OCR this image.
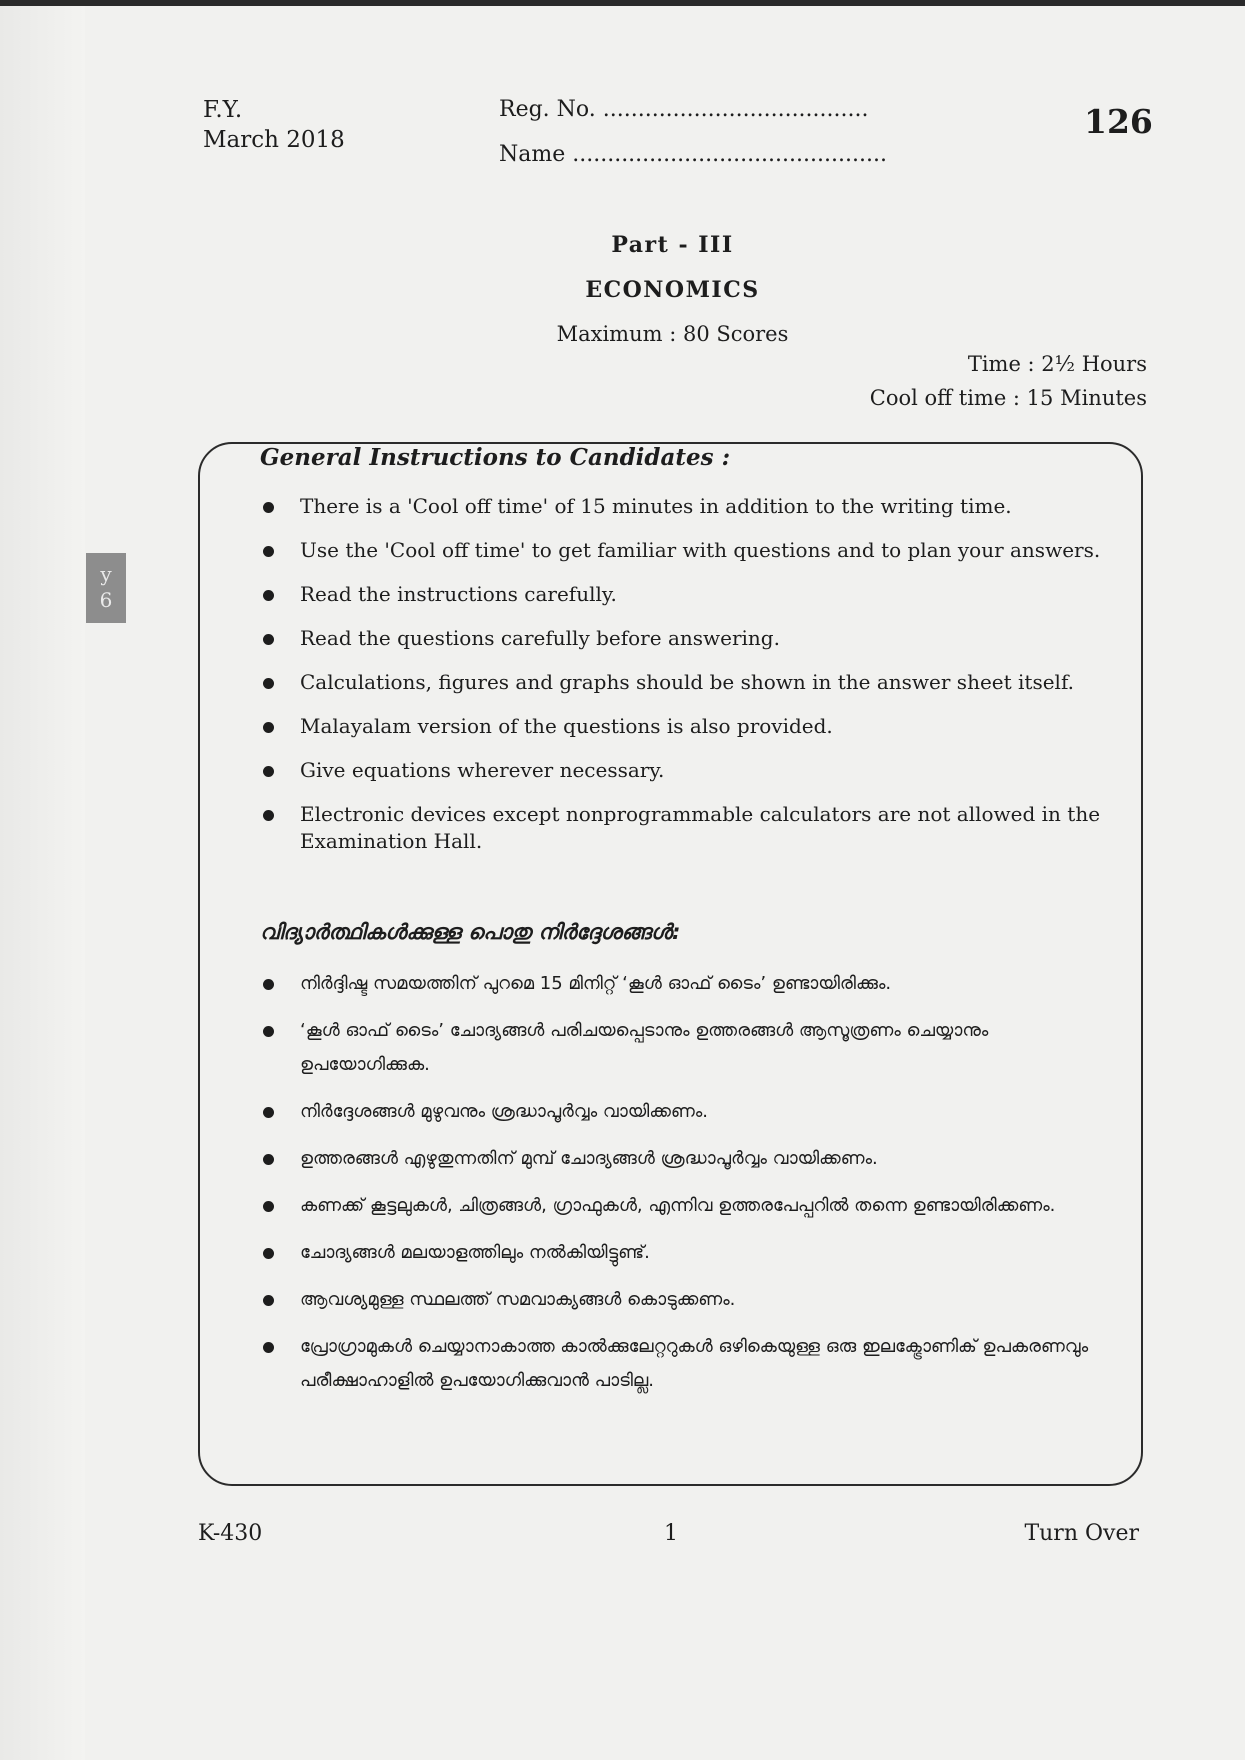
y
6
F.Y.
March 2018
Reg. No. ......................................
Name .............................................
126
Part - III
ECONOMICS
Maximum : 80 Scores
Time : 2½ Hours
Cool off time : 15 Minutes
General Instructions to Candidates :
There is a 'Cool off time' of 15 minutes in addition to the writing time.
Use the 'Cool off time' to get familiar with questions and to plan your answers.
Read the instructions carefully.
Read the questions carefully before answering.
Calculations, figures and graphs should be shown in the answer sheet itself.
Malayalam version of the questions is also provided.
Give equations wherever necessary.
Electronic devices except nonprogrammable calculators are not allowed in the Examination Hall.
വിദ്യാർത്ഥികൾക്കുള്ള പൊതു നിർദ്ദേശങ്ങൾ:
നിർദ്ദിഷ്ട സമയത്തിന് പുറമെ 15 മിനിറ്റ് ‘കൂൾ ഓഫ് ടൈം’ ഉണ്ടായിരിക്കും.
‘കൂൾ ഓഫ് ടൈം’ ചോദ്യങ്ങൾ പരിചയപ്പെടാനും ഉത്തരങ്ങൾ ആസൂത്രണം ചെയ്യാനും ഉപയോഗിക്കുക.
നിർദ്ദേശങ്ങൾ മുഴുവനും ശ്രദ്ധാപൂർവ്വം വായിക്കണം.
ഉത്തരങ്ങൾ എഴുതുന്നതിന് മുമ്പ് ചോദ്യങ്ങൾ ശ്രദ്ധാപൂർവ്വം വായിക്കണം.
കണക്ക് കൂട്ടലുകൾ, ചിത്രങ്ങൾ, ഗ്രാഫുകൾ, എന്നിവ ഉത്തരപേപ്പറിൽ തന്നെ ഉണ്ടായിരിക്കണം.
ചോദ്യങ്ങൾ മലയാളത്തിലും നൽകിയിട്ടുണ്ട്.
ആവശ്യമുള്ള സ്ഥലത്ത് സമവാക്യങ്ങൾ കൊടുക്കണം.
പ്രോഗ്രാമുകൾ ചെയ്യാനാകാത്ത കാൽക്കുലേറ്ററുകൾ ഒഴികെയുള്ള ഒരു ഇലക്ട്രോണിക് ഉപകരണവും പരീക്ഷാഹാളിൽ ഉപയോഗിക്കുവാൻ പാടില്ല.
K-430	1	Turn Over
